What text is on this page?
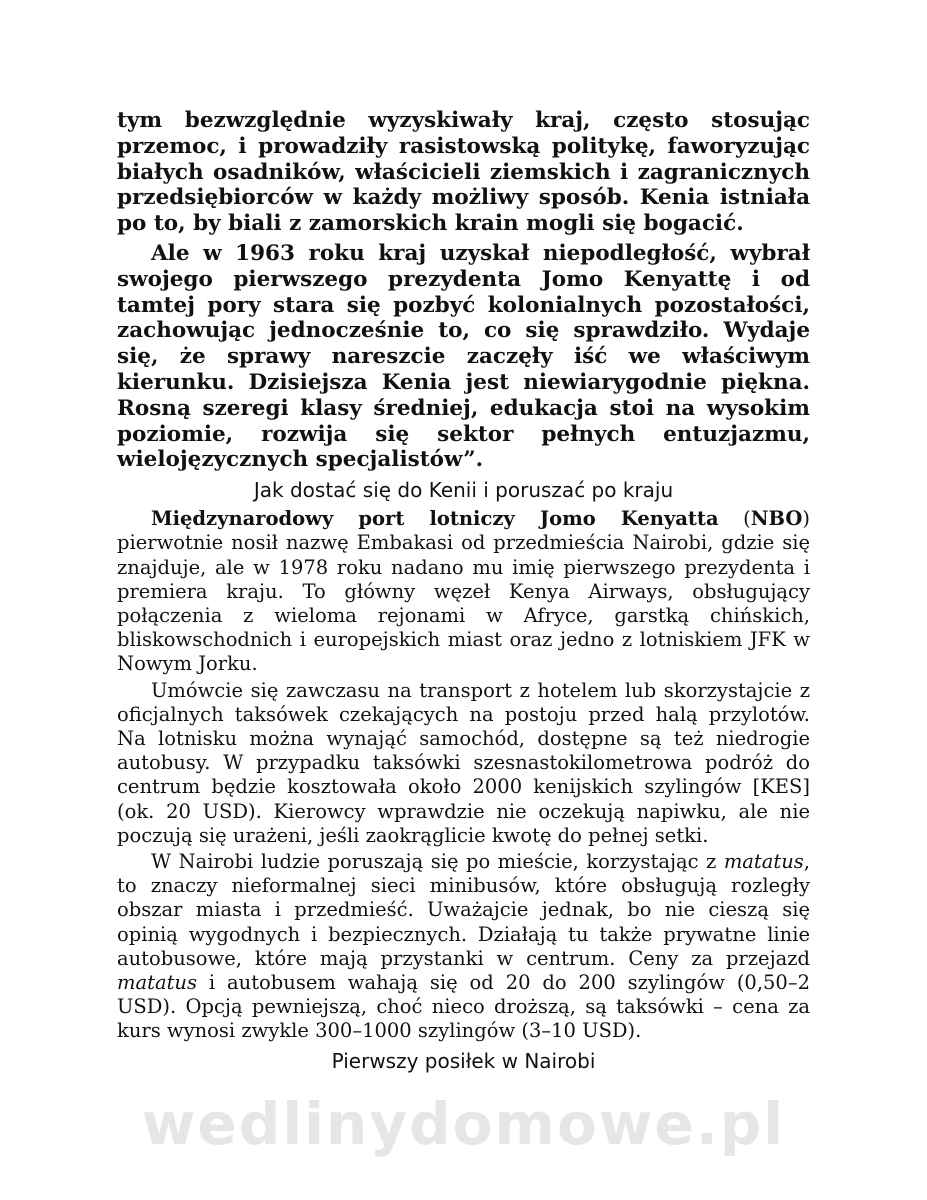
tym bezwzględnie wyzyskiwały kraj, często stosując przemoc, i prowadziły rasistowską politykę, faworyzując białych osadników, właścicieli ziemskich i zagranicznych przedsiębiorców w każdy możliwy sposób. Kenia istniała po to, by biali z zamorskich krain mogli się bogacić.

Ale w 1963 roku kraj uzyskał niepodległość, wybrał swojego pierwszego prezydenta Jomo Kenyattę i od tamtej pory stara się pozbyć kolonialnych pozostałości, zachowując jednocześnie to, co się sprawdziło. Wydaje się, że sprawy nareszcie zaczęły iść we właściwym kierunku. Dzisiejsza Kenia jest niewiarygodnie piękna. Rosną szeregi klasy średniej, edukacja stoi na wysokim poziomie, rozwija się sektor pełnych entuzjazmu, wielojęzycznych specjalistów”.

Jak dostać się do Kenii i poruszać po kraju

Międzynarodowy port lotniczy Jomo Kenyatta (NBO) pierwotnie nosił nazwę Embakasi od przedmieścia Nairobi, gdzie się znajduje, ale w 1978 roku nadano mu imię pierwszego prezydenta i premiera kraju. To główny węzeł Kenya Airways, obsługujący połączenia z wieloma rejonami w Afryce, garstką chińskich, bliskowschodnich i europejskich miast oraz jedno z lotniskiem JFK w Nowym Jorku.

Umówcie się zawczasu na transport z hotelem lub skorzystajcie z oficjalnych taksówek czekających na postoju przed halą przylotów. Na lotnisku można wynająć samochód, dostępne są też niedrogie autobusy. W przypadku taksówki szesnastokilometrowa podróż do centrum będzie kosztowała około 2000 kenijskich szylingów [KES] (ok. 20 USD). Kierowcy wprawdzie nie oczekują napiwku, ale nie poczują się urażeni, jeśli zaokrąglicie kwotę do pełnej setki.

W Nairobi ludzie poruszają się po mieście, korzystając z matatus, to znaczy nieformalnej sieci minibusów, które obsługują rozległy obszar miasta i przedmieść. Uważajcie jednak, bo nie cieszą się opinią wygodnych i bezpiecznych. Działają tu także prywatne linie autobusowe, które mają przystanki w centrum. Ceny za przejazd matatus i autobusem wahają się od 20 do 200 szylingów (0,50–2 USD). Opcją pewniejszą, choć nieco droższą, są taksówki – cena za kurs wynosi zwykle 300–1000 szylingów (3–10 USD).

Pierwszy posiłek w Nairobi
wedlinydomowe.pl
